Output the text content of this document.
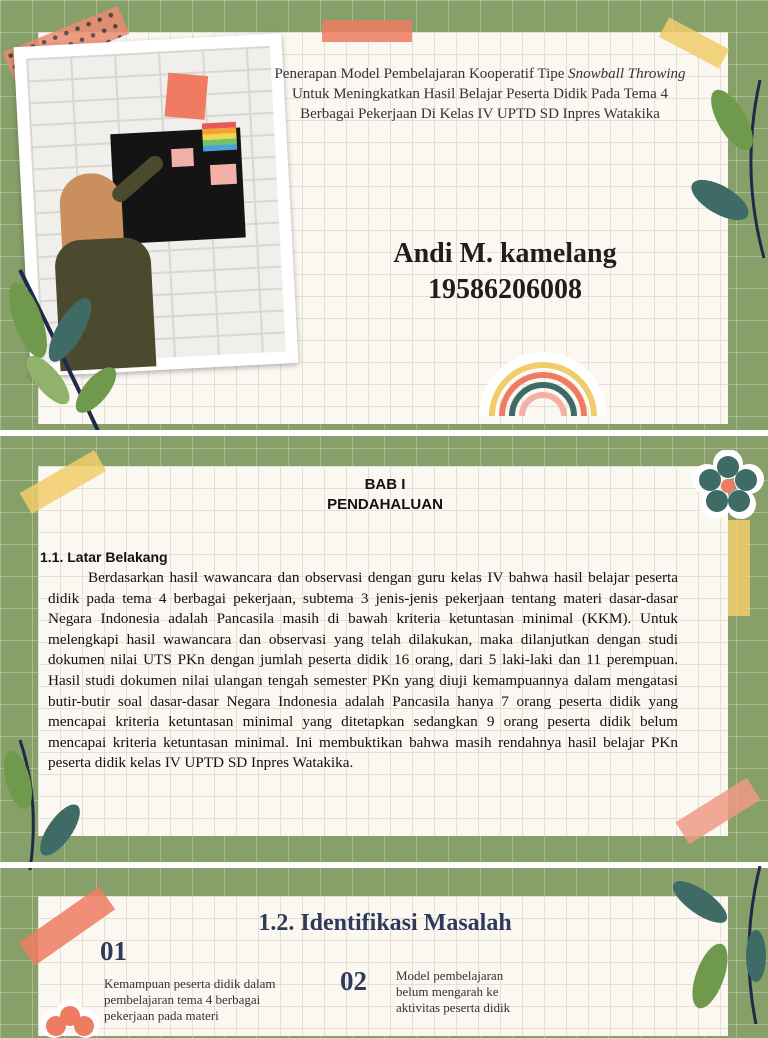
Penerapan Model Pembelajaran Kooperatif Tipe Snowball Throwing Untuk Meningkatkan Hasil Belajar Peserta Didik Pada Tema 4 Berbagai Pekerjaan Di Kelas IV UPTD SD Inpres Watakika
Andi M. kamelang
19586206008
BAB I
PENDAHALUAN
1.1. Latar Belakang
Berdasarkan hasil wawancara dan observasi dengan guru kelas IV bahwa hasil belajar peserta didik pada tema 4 berbagai pekerjaan, subtema 3 jenis-jenis pekerjaan tentang materi dasar-dasar Negara Indonesia adalah Pancasila masih di bawah kriteria ketuntasan minimal (KKM). Untuk melengkapi hasil wawancara dan observasi yang telah dilakukan, maka dilanjutkan dengan studi dokumen nilai UTS PKn dengan jumlah peserta didik 16 orang, dari 5 laki-laki dan 11 perempuan. Hasil studi dokumen nilai ulangan tengah semester PKn yang diuji kemampuannya dalam mengatasi butir-butir soal dasar-dasar Negara Indonesia adalah Pancasila hanya 7 orang peserta didik yang mencapai kriteria ketuntasan minimal yang ditetapkan sedangkan 9 orang peserta didik belum mencapai kriteria ketuntasan minimal. Ini membuktikan bahwa masih rendahnya hasil belajar PKn peserta didik kelas IV UPTD SD Inpres Watakika.
1.2. Identifikasi Masalah
01
Kemampuan peserta didik dalam pembelajaran tema 4 berbagai pekerjaan pada materi
02 Model pembelajaran belum mengarah ke aktivitas peserta didik
